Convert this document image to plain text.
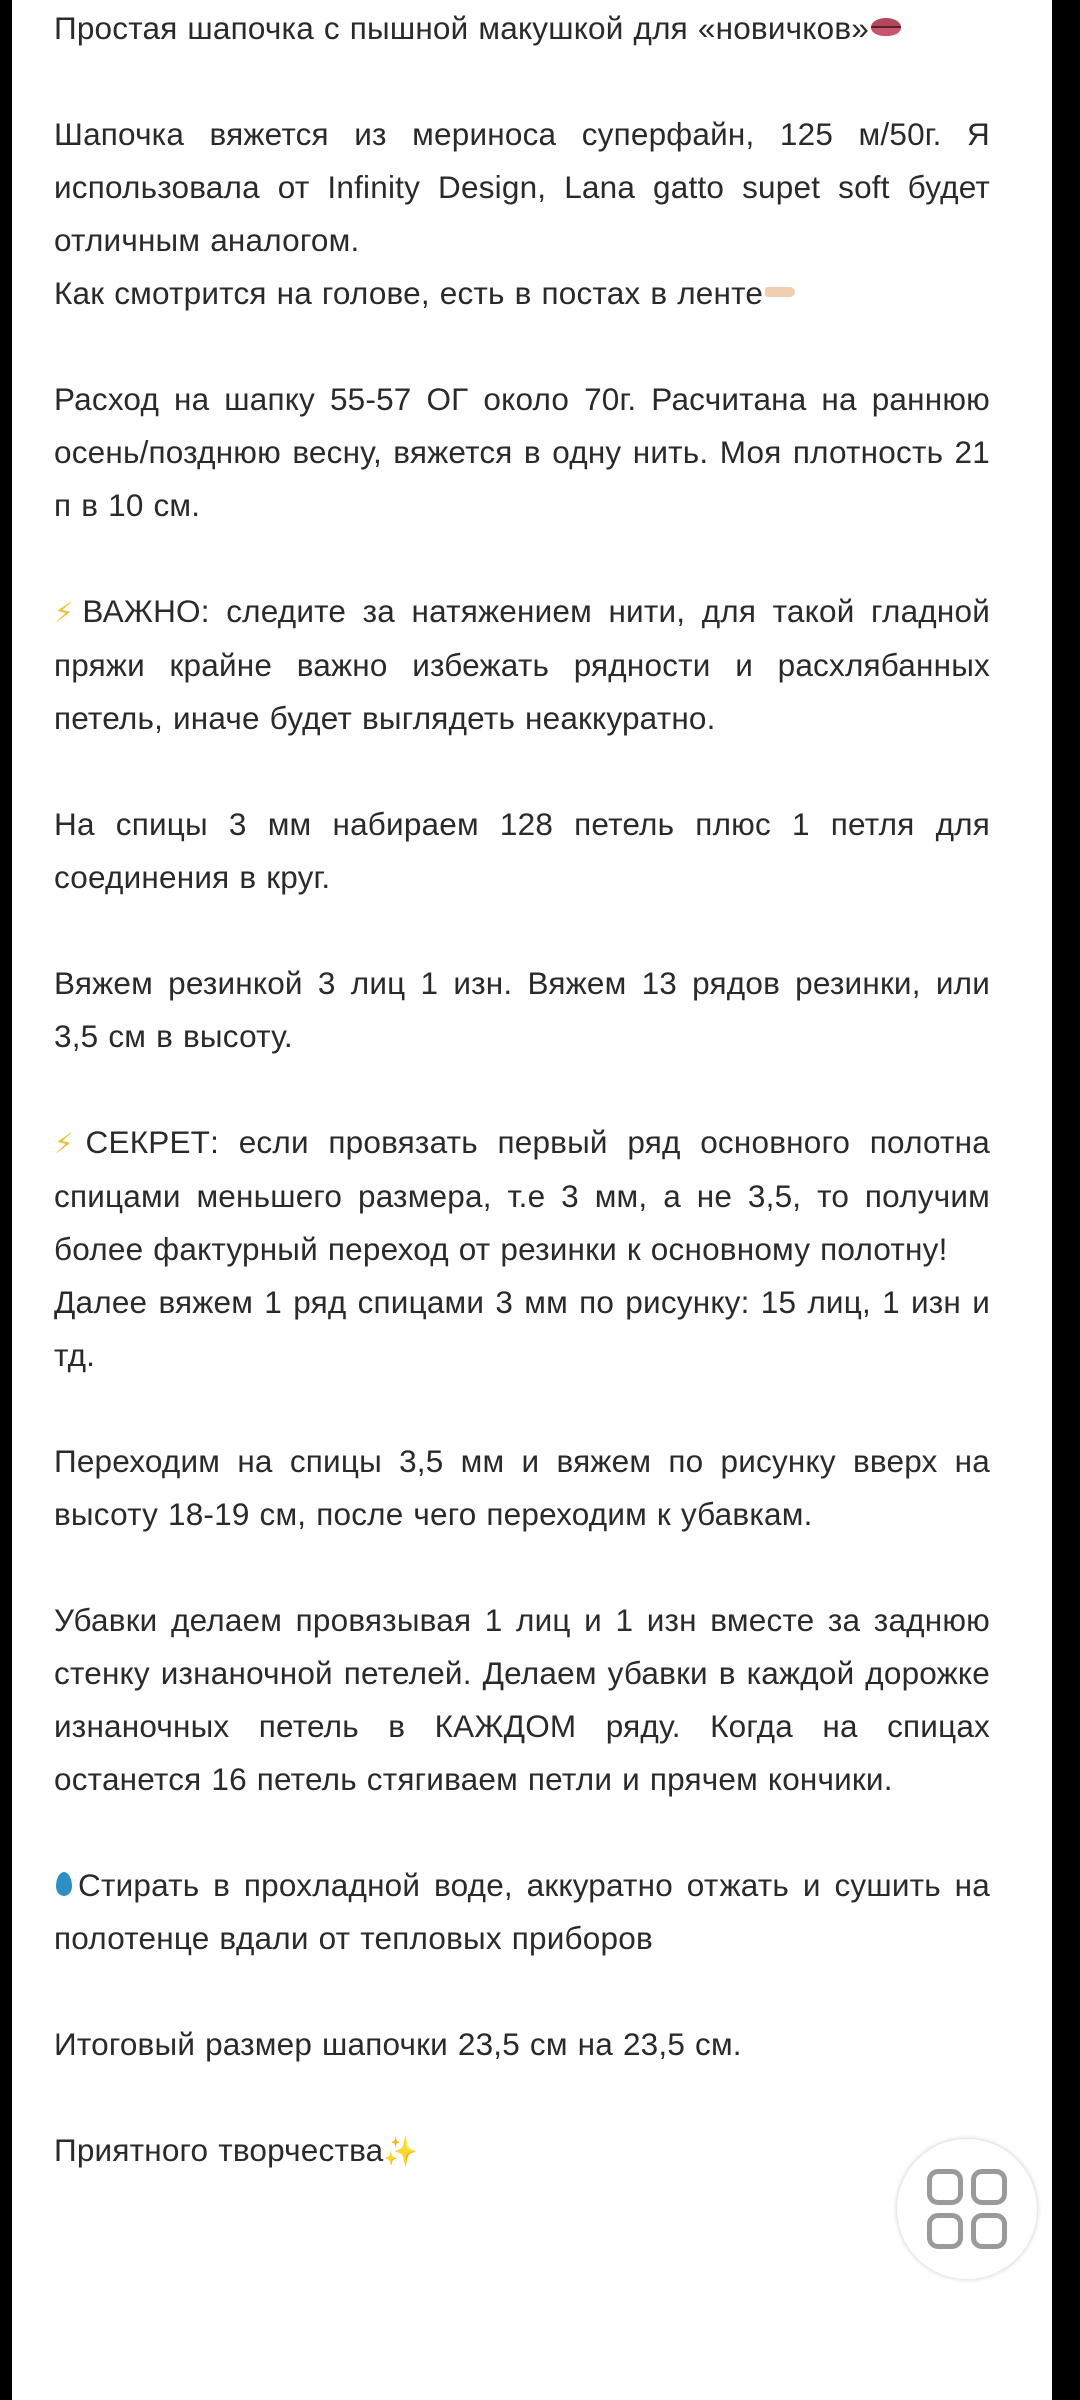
Простая шапочка с пышной макушкой для «новичков»

Шапочка вяжется из мериноса суперфайн, 125 м/50г. Я использовала от Infinity Design, Lana gatto supet soft будет отличным аналогом.
Как смотрится на голове, есть в постах в ленте

Расход на шапку 55-57 ОГ около 70г. Расчитана на раннюю осень/позднюю весну, вяжется в одну нить. Моя плотность 21 п в 10 см.

⚡ВАЖНО: следите за натяжением нити, для такой гладной пряжи крайне важно избежать рядности и расхлябанных петель, иначе будет выглядеть неаккуратно.

На спицы 3 мм набираем 128 петель плюс 1 петля для соединения в круг.

Вяжем резинкой 3 лиц 1 изн. Вяжем 13 рядов резинки, или 3,5 см в высоту.

⚡СЕКРЕТ: если провязать первый ряд основного полотна спицами меньшего размера, т.е 3 мм, а не 3,5, то получим более фактурный переход от резинки к основному полотну!
Далее вяжем 1 ряд спицами 3 мм по рисунку: 15 лиц, 1 изн и тд.

Переходим на спицы 3,5 мм и вяжем по рисунку вверх на высоту 18-19 см, после чего переходим к убавкам.

Убавки делаем провязывая 1 лиц и 1 изн вместе за заднюю стенку изнаночной петелей. Делаем убавки в каждой дорожке изнаночных петель в КАЖДОМ ряду. Когда на спицах останется 16 петель стягиваем петли и прячем кончики.

Стирать в прохладной воде, аккуратно отжать и сушить на полотенце вдали от тепловых приборов

Итоговый размер шапочки 23,5 см на 23,5 см.

Приятного творчества✨
